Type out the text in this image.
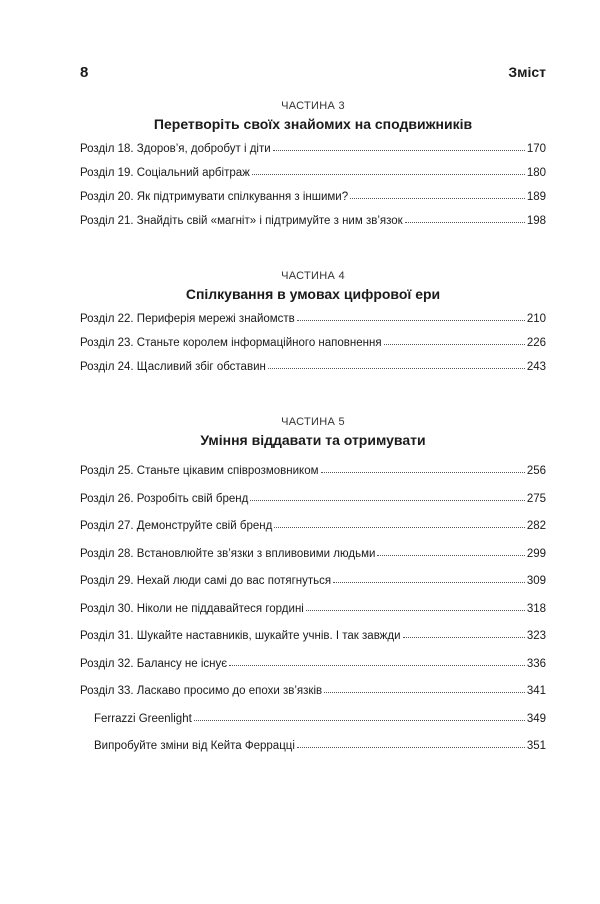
8	Зміст
ЧАСТИНА 3
Перетворіть своїх знайомих на сподвижників
Розділ 18. Здоров’я, добробут і діти	170
Розділ 19. Соціальний арбітраж	180
Розділ 20. Як підтримувати спілкування з іншими?	189
Розділ 21. Знайдіть свій «магніт» і підтримуйте з ним зв’язок	198
ЧАСТИНА 4
Спілкування в умовах цифрової ери
Розділ 22. Периферія мережі знайомств	210
Розділ 23. Станьте королем інформаційного наповнення	226
Розділ 24. Щасливий збіг обставин	243
ЧАСТИНА 5
Уміння віддавати та отримувати
Розділ 25. Станьте цікавим співрозмовником	256
Розділ 26. Розробіть свій бренд	275
Розділ 27. Демонструйте свій бренд	282
Розділ 28. Встановлюйте зв’язки з впливовими людьми	299
Розділ 29. Нехай люди самі до вас потягнуться	309
Розділ 30. Ніколи не піддавайтеся гордині	318
Розділ 31. Шукайте наставників, шукайте учнів. І так завжди	323
Розділ 32. Балансу не існує	336
Розділ 33. Ласкаво просимо до епохи зв’язків	341
Ferrazzi Greenlight	349
Випробуйте зміни від Кейта Ферраццi	351
